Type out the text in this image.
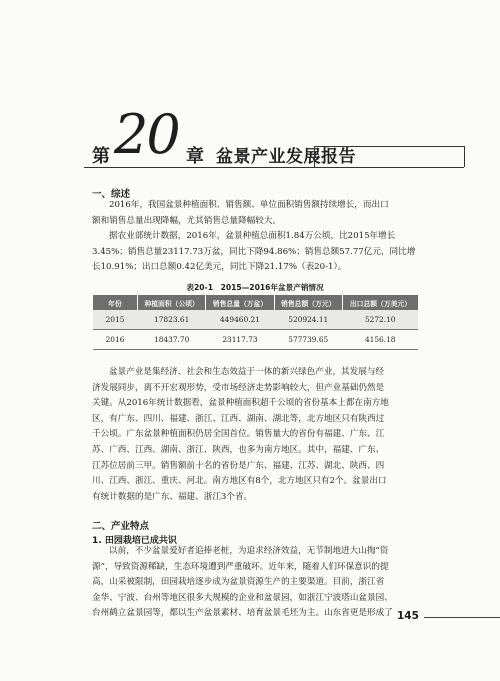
第 20 章 盆景产业发展报告
一、综述
2016年，我国盆景种植面积、销售额、单位面积销售额持续增长，而出口
额和销售总量出现降幅，尤其销售总量降幅较大。
据农业部统计数据，2016年，盆景种植总面积1.84万公顷，比2015年增长
3.45%；销售总量23117.73万盆，同比下降94.86%；销售总额57.77亿元，同比增
长10.91%；出口总额0.42亿美元，同比下降21.17%（表20-1）。
表20-1　2015—2016年盆景产销情况
年份	种植面积（公顷）	销售总量（万盆）	销售总额（万元）	出口总额（万美元）
2015	17823.61	449460.21	520924.11	5272.10
2016	18437.70	23117.73	577739.65	4156.18
盆景产业是集经济、社会和生态效益于一体的新兴绿色产业，其发展与经
济发展同步，离不开宏观形势，受市场经济走势影响较大，但产业基础仍然是
关键。从2016年统计数据看，盆景种植面积超千公顷的省份基本上都在南方地
区，有广东、四川、福建、浙江、江西、湖南、湖北等，北方地区只有陕西过
千公顷。广东盆景种植面积仍居全国首位。销售量大的省份有福建、广东、江
苏、广西、江西、湖南、浙江、陕西，也多为南方地区。其中，福建、广东、
江苏位居前三甲。销售额前十名的省份是广东、福建、江苏、湖北、陕西、四
川、江西、浙江、重庆、河北。南方地区有8个，北方地区只有2个。盆景出口
有统计数据的是广东、福建、浙江3个省。
二、产业特点
1. 田园栽培已成共识
以前，不少盆景爱好者追捧老桩，为追求经济效益，无节制地进大山掏“资
源”，导致资源稀缺，生态环境遭到严重破坏。近年来，随着人们环保意识的提
高，山采被限制，田园栽培逐步成为盆景资源生产的主要渠道。目前，浙江省
金华、宁波、台州等地区很多大规模的企业和盆景园，如浙江宁波塔山盆景园、
台州鹤立盆景园等，都以生产盆景素材、培育盆景毛坯为主。山东省更是形成了 145
